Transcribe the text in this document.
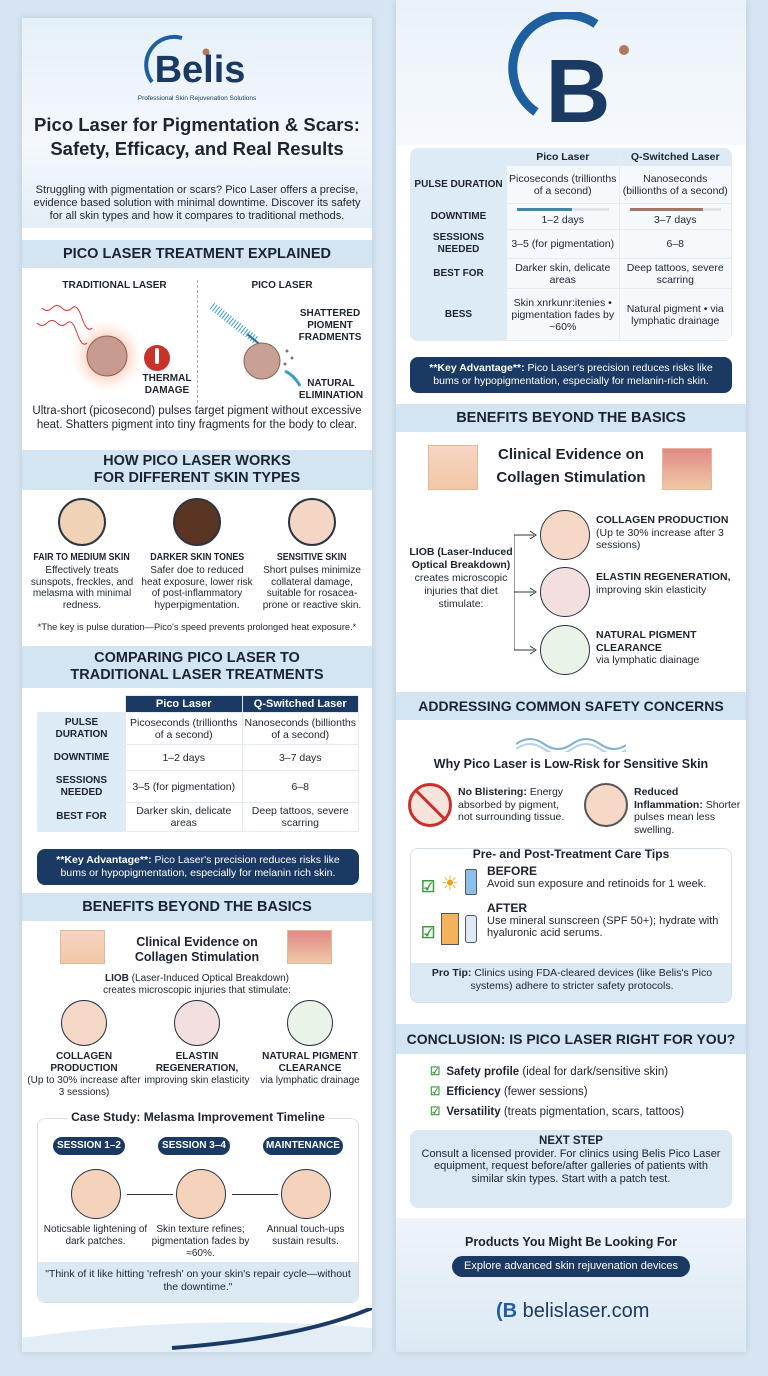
Belis
Professional Skin Rejuvenation Solutions
Pico Laser for Pigmentation & Scars:
Safety, Efficacy, and Real Results
Struggling with pigmentation or scars? Pico Laser offers a precise, evidence based solution with minimal downtime. Discover its safety for all skin types and how it compares to traditional methods.
PICO LASER TREATMENT EXPLAINED
TRADITIONAL LASER	PICO LASER
THERMAL DAMAGE
SHATTERED PIOMENT FRADMENTS
NATURAL ELIMINATION
Ultra-short (picosecond) pulses target pigment without excessive heat. Shatters pigment into tiny fragments for the body to clear.
HOW PICO LASER WORKS
FOR DIFFERENT SKIN TYPES
*The key is pulse duration—Pico's speed prevents prolonged heat exposure.*
COMPARING PICO LASER TO
TRADITIONAL LASER TREATMENTS
	Pico Laser	Q-Switched Laser
PULSE DURATION	Picoseconds (trillionths of a second)	Nanoseconds (billionths of a second)

DOWNTIME	1–2 days	3–7 days

SESSIONS NEEDED	3–5 (for pigmentation)	6–8

BEST FOR	Darker skin, delicate areas	Deep tattoos, severe scarring
**Key Advantage**: Pico Laser's precision reduces risks like bums or hypopigmentation, especially for melanin rich skin.
BENEFITS BEYOND THE BASICS
Clinical Evidence on
Collagen Stimulation
LIOB (Laser-Induced Optical Breakdown)
creates microscopic injuries that stimulate:
Case Study: Melasma Improvement Timeline
"Think of it like hitting 'refresh' on your skin's repair cycle—without the downtime."
SESSION 1–2
Noticsable lightening of dark patches.
SESSION 3–4
Skin texture refines; pigmentation fades by ≈60%.
MAINTENANCE
Annual touch-ups sustain results.
FAIR TO MEDIUM SKIN
Effectively treats sunspots, freckles, and melasma with minimal redness.
DARKER SKIN TONES
Safer doe to reduced heat exposure, lower risk of post-inflammatory hyperpigmentation.
SENSITIVE SKIN
Short pulses minimize collateral damage, suitable for rosacea-prone or reactive skin.
COLLAGEN PRODUCTION
(Up to 30% increase after 3 sessions)
ELASTIN REGENERATION,
improving skin elasticity
NATURAL PIGMENT CLEARANCE
via lymphatic drainage
B
	Pico Laser	Q-Switched Laser
PULSE DURATION	Picoseconds (trillionths of a second)	Nanoseconds (billionths of a second)

DOWNTIME	1–2 days	3–7 days

SESSIONS NEEDED	3–5 (for pigmentation)	6–8

BEST FOR	Darker skin, delicate areas	Deep tattoos, severe scarring

BESS	Skin xnrkunr:itenies • pigmentation fades by ~60%	Natural pigment • via lymphatic drainage
**Key Advantage**: Pico Laser's precision reduces risks like bums or hypopigmentation, especially for melanin-rich skin.
BENEFITS BEYOND THE BASICS
Clinical Evidence on
Collagen Stimulation
LIOB (Laser-Induced Optical Breakdown)
creates microscopic injuries that diet stimulate:
ADDRESSING COMMON SAFETY CONCERNS
Why Pico Laser is Low-Risk for Sensitive Skin
No Blistering: Energy absorbed by pigment, not surrounding tissue.
Reduced Inflammation: Shorter pulses mean less swelling.
Pre- and Post-Treatment Care Tips
☑ ☀
☑
BEFORE
Avoid sun exposure and retinoids for 1 week.
AFTER
Use mineral sunscreen (SPF 50+); hydrate with hyaluronic acid serums.
Pro Tip: Clinics using FDA-cleared devices (like Belis's Pico systems) adhere to stricter safety protocols.
CONCLUSION: IS PICO LASER RIGHT FOR YOU?
☑ Safety profile (ideal for dark/sensitive skin)
☑ Efficiency (fewer sessions)
☑ Versatility (treats pigmentation, scars, tattoos)
NEXT STEP
Consult a licensed provider. For clinics using Belis Pico Laser equipment, request before/after galleries of patients with similar skin types. Start with a patch test.
Products You Might Be Looking For
Explore advanced skin rejuvenation devices
(B belislaser.com
COLLAGEN PRODUCTION
(Up te 30% increase after 3 sessions)
ELASTIN REGENERATION,
improving skin elasticity
NATURAL PIGMENT CLEARANCE
via lymphatic diainage
